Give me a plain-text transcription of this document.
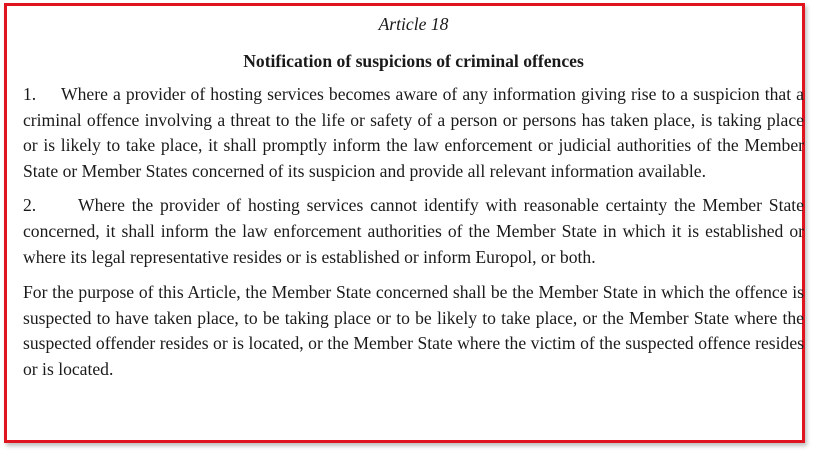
Article 18
Notification of suspicions of criminal offences

1. Where a provider of hosting services becomes aware of any information giving rise to a suspicion that a criminal offence involving a threat to the life or safety of a person or persons has taken place, is taking place or is likely to take place, it shall promptly inform the law enforcement or judicial authorities of the Member State or Member States concerned of its suspicion and provide all relevant information available.

2. Where the provider of hosting services cannot identify with reasonable certainty the Member State concerned, it shall inform the law enforcement authorities of the Member State in which it is established or where its legal representative resides or is established or inform Europol, or both.

For the purpose of this Article, the Member State concerned shall be the Member State in which the offence is suspected to have taken place, to be taking place or to be likely to take place, or the Member State where the suspected offender resides or is located, or the Member State where the victim of the suspected offence resides or is located.
